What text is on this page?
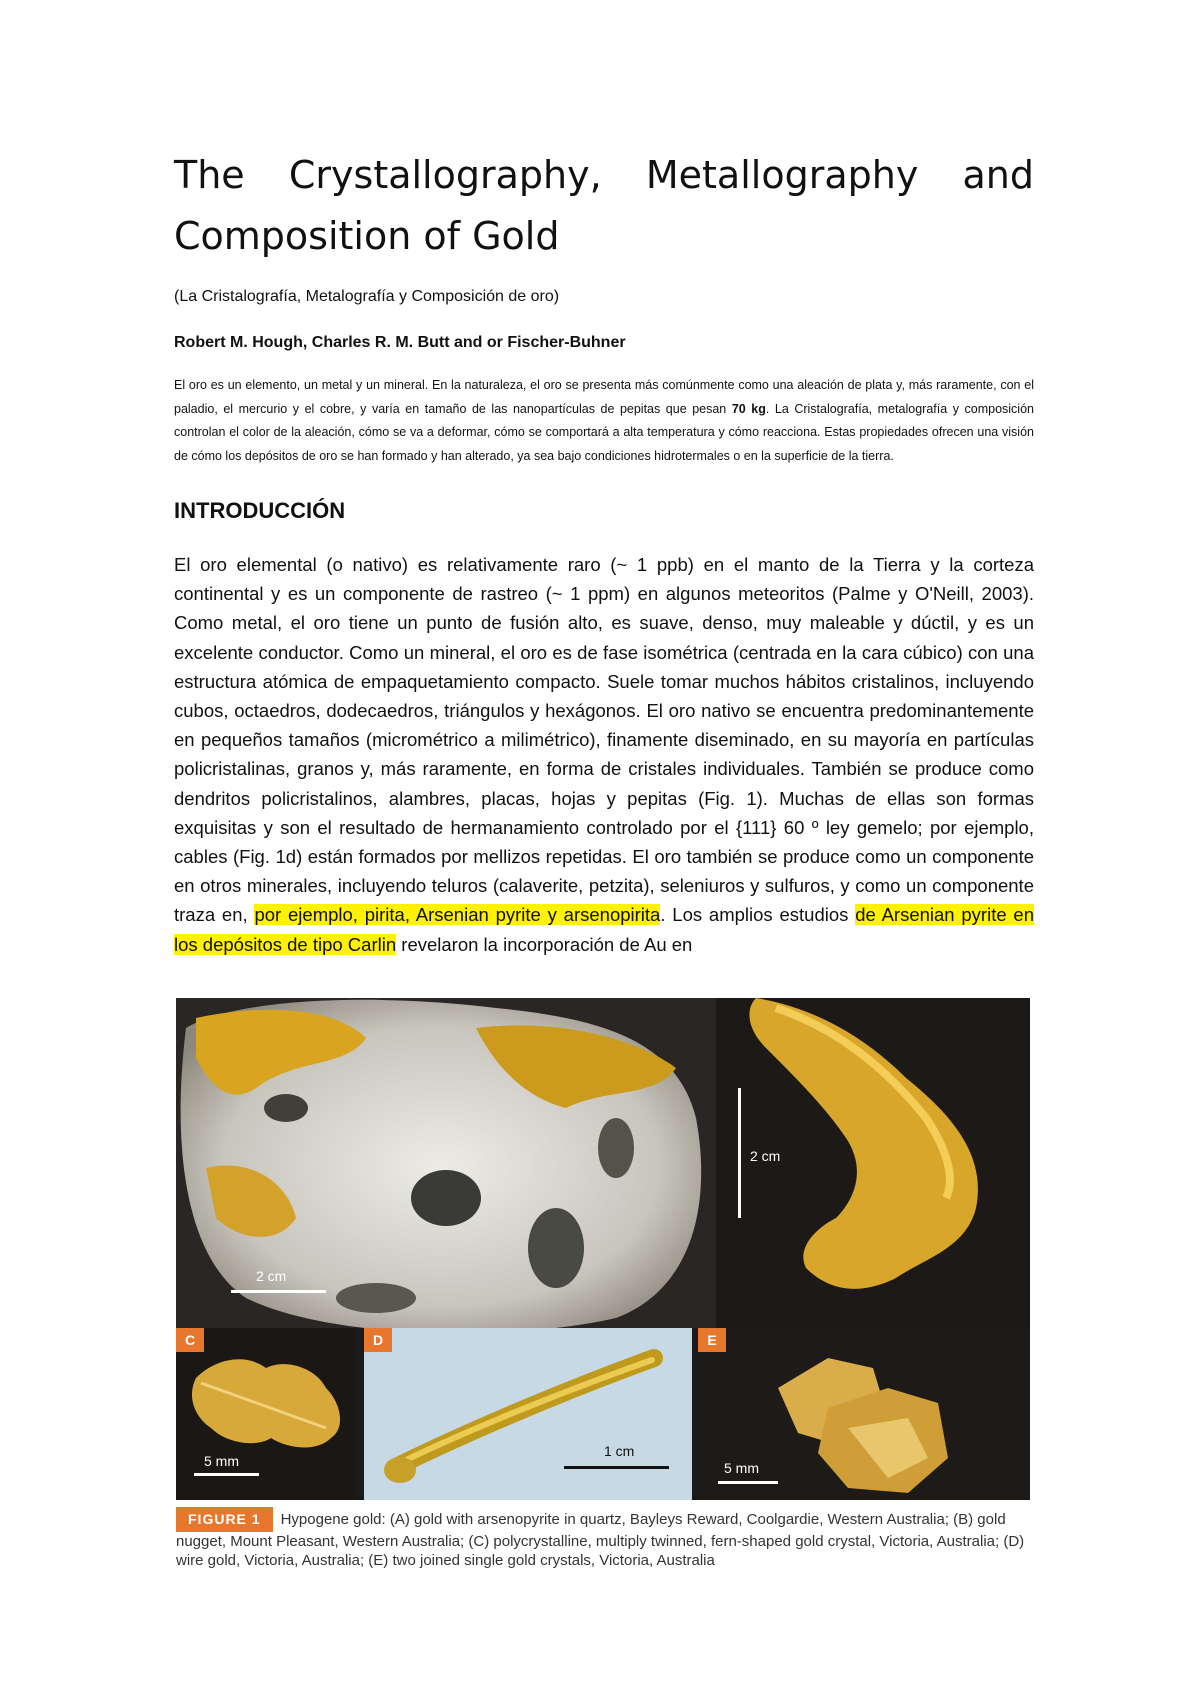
The Crystallography, Metallography and
Composition of Gold

(La Cristalografía, Metalografía y Composición de oro)

Robert M. Hough, Charles R. M. Butt and or Fischer-Buhner

El oro es un elemento, un metal y un mineral. En la naturaleza, el oro se presenta más comúnmente como una aleación de plata y, más raramente, con el paladio, el mercurio y el cobre, y varía en tamaño de las nanopartículas de pepitas que pesan 70 kg. La Cristalografía, metalografía y composición controlan el color de la aleación, cómo se va a deformar, cómo se comportará a alta temperatura y cómo reacciona. Estas propiedades ofrecen una visión de cómo los depósitos de oro se han formado y han alterado, ya sea bajo condiciones hidrotermales o en la superficie de la tierra.

INTRODUCCIÓN

El oro elemental (o nativo) es relativamente raro (~ 1 ppb) en el manto de la Tierra y la corteza continental y es un componente de rastreo (~ 1 ppm) en algunos meteoritos (Palme y O'Neill, 2003). Como metal, el oro tiene un punto de fusión alto, es suave, denso, muy maleable y dúctil, y es un excelente conductor. Como un mineral, el oro es de fase isométrica (centrada en la cara cúbico) con una estructura atómica de empaquetamiento compacto. Suele tomar muchos hábitos cristalinos, incluyendo cubos, octaedros, dodecaedros, triángulos y hexágonos. El oro nativo se encuentra predominantemente en pequeños tamaños (micrométrico a milimétrico), finamente diseminado, en su mayoría en partículas policristalinas, granos y, más raramente, en forma de cristales individuales. También se produce como dendritos policristalinos, alambres, placas, hojas y pepitas (Fig. 1). Muchas de ellas son formas exquisitas y son el resultado de hermanamiento controlado por el {111} 60 º ley gemelo; por ejemplo, cables (Fig. 1d) están formados por mellizos repetidas. El oro también se produce como un componente en otros minerales, incluyendo teluros (calaverite, petzita), seleniuros y sulfuros, y como un componente traza en, por ejemplo, pirita, Arsenian pyrite y arsenopirita. Los amplios estudios de Arsenian pyrite en los depósitos de tipo Carlin revelaron la incorporación de Au en

2 cm
2 cm
C
5 mm
D
1 cm
E
5 mm

FIGURE 1 Hypogene gold: (A) gold with arsenopyrite in quartz, Bayleys Reward, Coolgardie, Western Australia; (B) gold nugget, Mount Pleasant, Western Australia; (C) polycrystalline, multiply twinned, fern-shaped gold crystal, Victoria, Australia; (D) wire gold, Victoria, Australia; (E) two joined single gold crystals, Victoria, Australia
